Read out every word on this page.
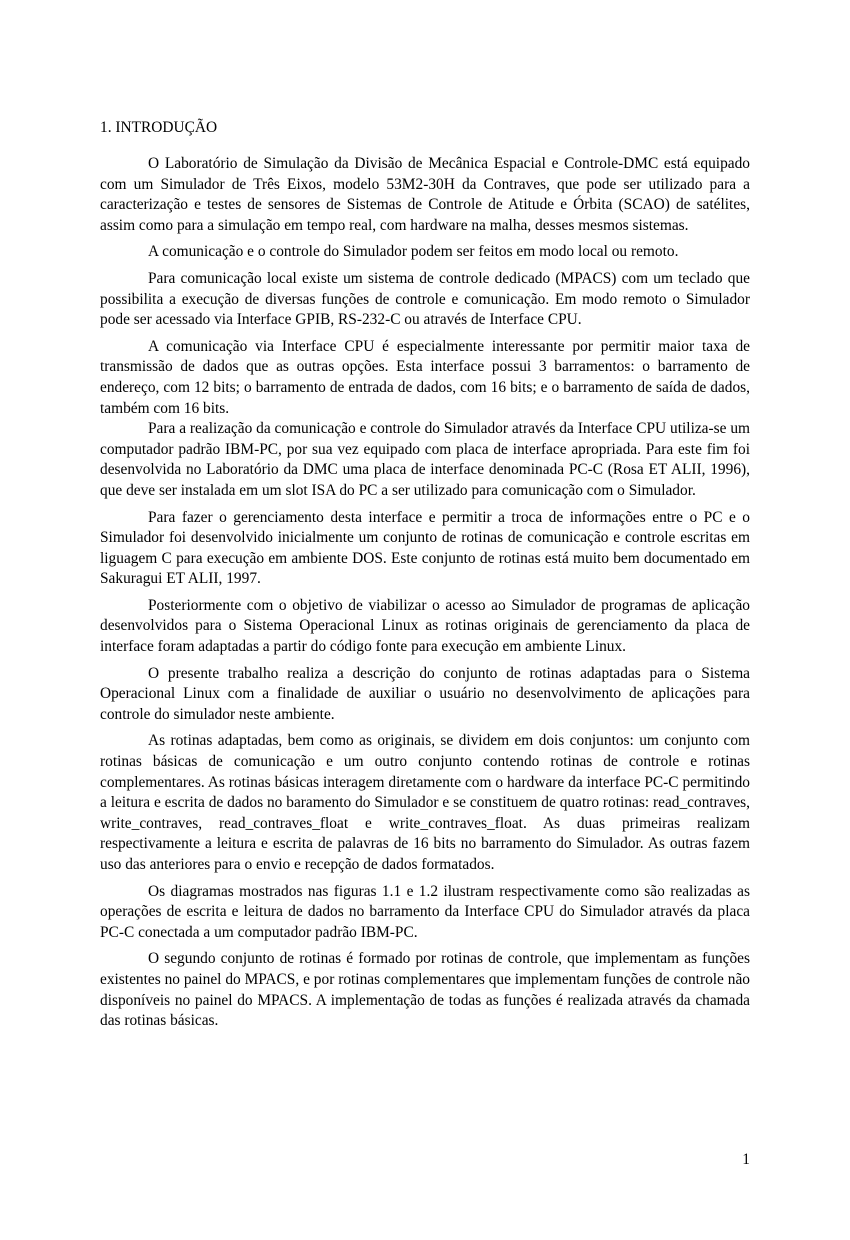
1. INTRODUÇÃO

O Laboratório de Simulação da Divisão de Mecânica Espacial e Controle-DMC está equipado com um Simulador de Três Eixos, modelo 53M2-30H da Contraves, que pode ser utilizado para a caracterização e testes de sensores de Sistemas de Controle de Atitude e Órbita (SCAO) de satélites, assim como para a simulação em tempo real, com hardware na malha, desses mesmos sistemas.

A comunicação e o controle do Simulador podem ser feitos em modo local ou remoto.

Para comunicação local existe um sistema de controle dedicado (MPACS) com um teclado que possibilita a execução de diversas funções de controle e comunicação. Em modo remoto o Simulador pode ser acessado via Interface GPIB, RS-232-C ou através de Interface CPU.

A comunicação via Interface CPU é especialmente interessante por permitir maior taxa de transmissão de dados que as outras opções. Esta interface possui 3 barramentos: o barramento de endereço, com 12 bits; o barramento de entrada de dados, com 16 bits; e o barramento de saída de dados, também com 16 bits.

Para a realização da comunicação e controle do Simulador através da Interface CPU utiliza-se um computador padrão IBM-PC, por sua vez equipado com placa de interface apropriada. Para este fim foi desenvolvida no Laboratório da DMC uma placa de interface denominada PC-C (Rosa ET ALII, 1996), que deve ser instalada em um slot ISA do PC a ser utilizado para comunicação com o Simulador.

Para fazer o gerenciamento desta interface e permitir a troca de informações entre o PC e o Simulador foi desenvolvido inicialmente um conjunto de rotinas de comunicação e controle escritas em liguagem C para execução em ambiente DOS. Este conjunto de rotinas está muito bem documentado em Sakuragui ET ALII, 1997.

Posteriormente com o objetivo de viabilizar o acesso ao Simulador de programas de aplicação desenvolvidos para o Sistema Operacional Linux as rotinas originais de gerenciamento da placa de interface foram adaptadas a partir do código fonte para execução em ambiente Linux.

O presente trabalho realiza a descrição do conjunto de rotinas adaptadas para o Sistema Operacional Linux com a finalidade de auxiliar o usuário no desenvolvimento de aplicações para controle do simulador neste ambiente.

As rotinas adaptadas, bem como as originais, se dividem em dois conjuntos: um conjunto com rotinas básicas de comunicação e um outro conjunto contendo rotinas de controle e rotinas complementares. As rotinas básicas interagem diretamente com o hardware da interface PC-C permitindo a leitura e escrita de dados no baramento do Simulador e se constituem de quatro rotinas: read_contraves, write_contraves, read_contraves_float e write_contraves_float. As duas primeiras realizam respectivamente a leitura e escrita de palavras de 16 bits no barramento do Simulador. As outras fazem uso das anteriores para o envio e recepção de dados formatados.

Os diagramas mostrados nas figuras 1.1 e 1.2 ilustram respectivamente como são realizadas as operações de escrita e leitura de dados no barramento da Interface CPU do Simulador através da placa PC-C conectada a um computador padrão IBM-PC.

O segundo conjunto de rotinas é formado por rotinas de controle, que implementam as funções existentes no painel do MPACS, e por rotinas complementares que implementam funções de controle não disponíveis no painel do MPACS. A implementação de todas as funções é realizada através da chamada das rotinas básicas.

1
